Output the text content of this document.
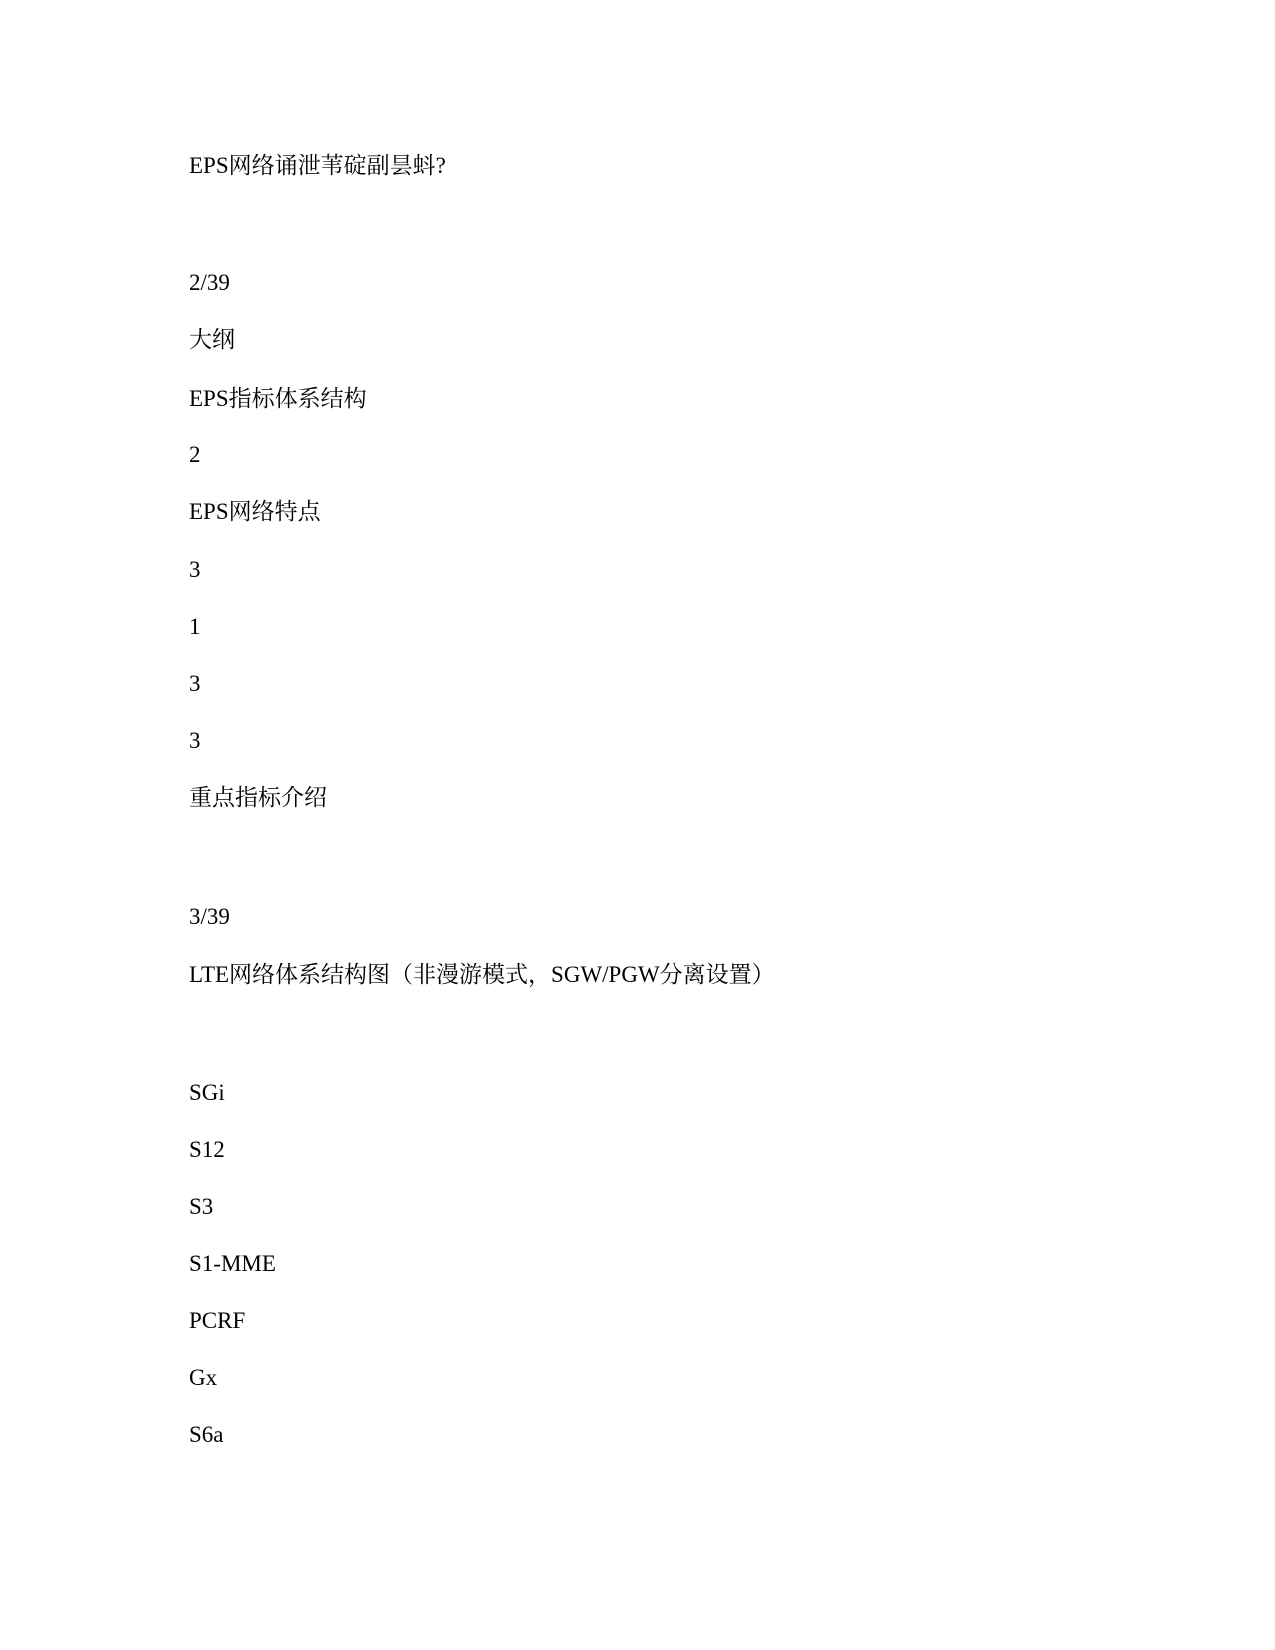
EPS网络诵泄苇碇副昙蚪?
2/39
大纲
EPS指标体系结构
2
EPS网络特点
3
1
3
3
重点指标介绍
3/39
LTE网络体系结构图（非漫游模式，SGW/PGW分离设置）
SGi
S12
S3
S1-MME
PCRF
Gx
S6a
